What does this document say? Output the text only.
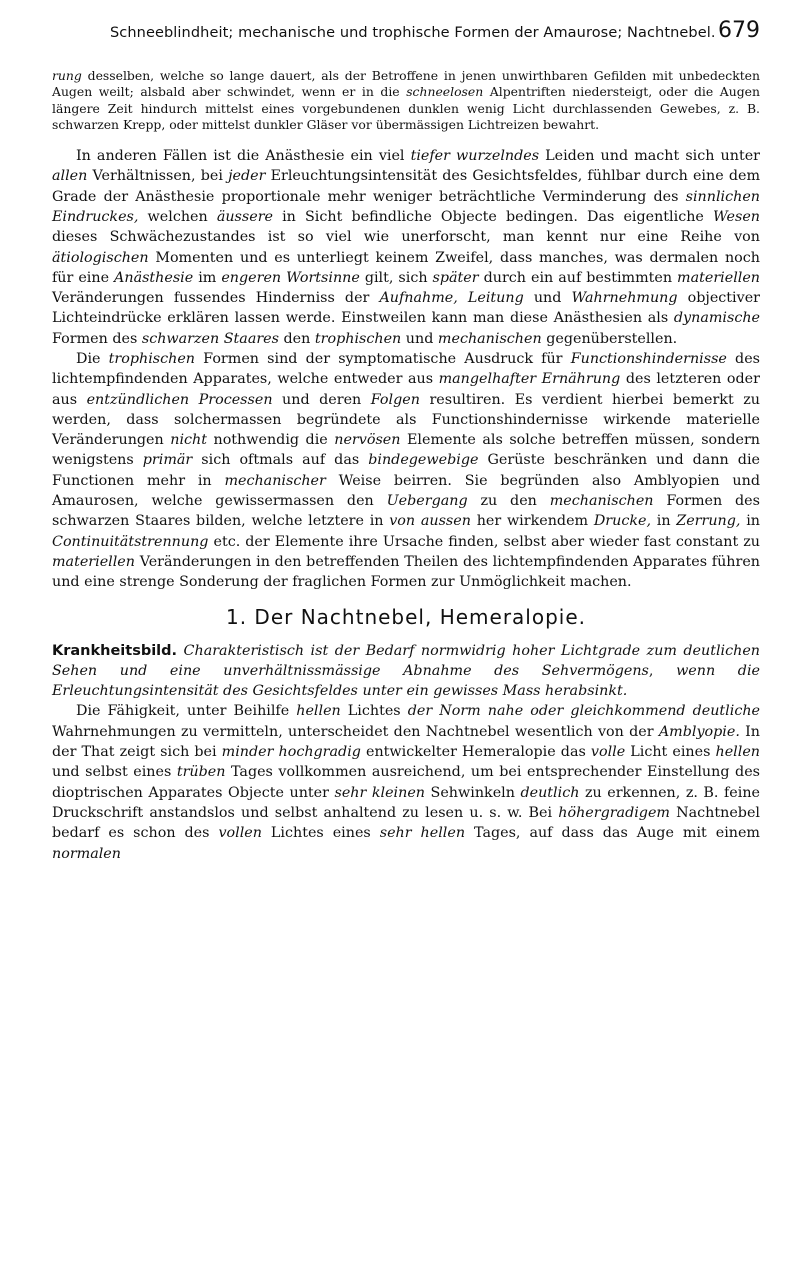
Schneeblindheit; mechanische und trophische Formen der Amaurose; Nachtnebel. 679

rung desselben, welche so lange dauert, als der Betroffene in jenen unwirthbaren Gefilden mit unbedeckten Augen weilt; alsbald aber schwindet, wenn er in die schneelosen Alpentriften niedersteigt, oder die Augen längere Zeit hindurch mittelst eines vorgebundenen dunklen wenig Licht durchlassenden Gewebes, z. B. schwarzen Krepp, oder mittelst dunkler Gläser vor übermässigen Lichtreizen bewahrt.

In anderen Fällen ist die Anästhesie ein viel tiefer wurzelndes Leiden und macht sich unter allen Verhältnissen, bei jeder Erleuchtungsintensität des Gesichtsfeldes, fühlbar durch eine dem Grade der Anästhesie proportionale mehr weniger beträchtliche Verminderung des sinnlichen Eindruckes, welchen äussere in Sicht befindliche Objecte bedingen. Das eigentliche Wesen dieses Schwächezustandes ist so viel wie unerforscht, man kennt nur eine Reihe von ätiologischen Momenten und es unterliegt keinem Zweifel, dass manches, was dermalen noch für eine Anästhesie im engeren Wortsinne gilt, sich später durch ein auf bestimmten materiellen Veränderungen fussendes Hinderniss der Aufnahme, Leitung und Wahrnehmung objectiver Lichteindrücke erklären lassen werde. Einstweilen kann man diese Anästhesien als dynamische Formen des schwarzen Staares den trophischen und mechanischen gegenüberstellen.

Die trophischen Formen sind der symptomatische Ausdruck für Functionshindernisse des lichtempfindenden Apparates, welche entweder aus mangelhafter Ernährung des letzteren oder aus entzündlichen Processen und deren Folgen resultiren. Es verdient hierbei bemerkt zu werden, dass solchermassen begründete als Functionshindernisse wirkende materielle Veränderungen nicht nothwendig die nervösen Elemente als solche betreffen müssen, sondern wenigstens primär sich oftmals auf das bindegewebige Gerüste beschränken und dann die Functionen mehr in mechanischer Weise beirren. Sie begründen also Amblyopien und Amaurosen, welche gewissermassen den Uebergang zu den mechanischen Formen des schwarzen Staares bilden, welche letztere in von aussen her wirkendem Drucke, in Zerrung, in Continuitätstrennung etc. der Elemente ihre Ursache finden, selbst aber wieder fast constant zu materiellen Veränderungen in den betreffenden Theilen des lichtempfindenden Apparates führen und eine strenge Sonderung der fraglichen Formen zur Unmöglichkeit machen.

1. Der Nachtnebel, Hemeralopie.

Krankheitsbild. Charakteristisch ist der Bedarf normwidrig hoher Lichtgrade zum deutlichen Sehen und eine unverhältnissmässige Abnahme des Sehvermögens, wenn die Erleuchtungsintensität des Gesichtsfeldes unter ein gewisses Mass herabsinkt.

Die Fähigkeit, unter Beihilfe hellen Lichtes der Norm nahe oder gleichkommend deutliche Wahrnehmungen zu vermitteln, unterscheidet den Nachtnebel wesentlich von der Amblyopie. In der That zeigt sich bei minder hochgradig entwickelter Hemeralopie das volle Licht eines hellen und selbst eines trüben Tages vollkommen ausreichend, um bei entsprechender Einstellung des dioptrischen Apparates Objecte unter sehr kleinen Sehwinkeln deutlich zu erkennen, z. B. feine Druckschrift anstandslos und selbst anhaltend zu lesen u. s. w. Bei höhergradigem Nachtnebel bedarf es schon des vollen Lichtes eines sehr hellen Tages, auf dass das Auge mit einem normalen
